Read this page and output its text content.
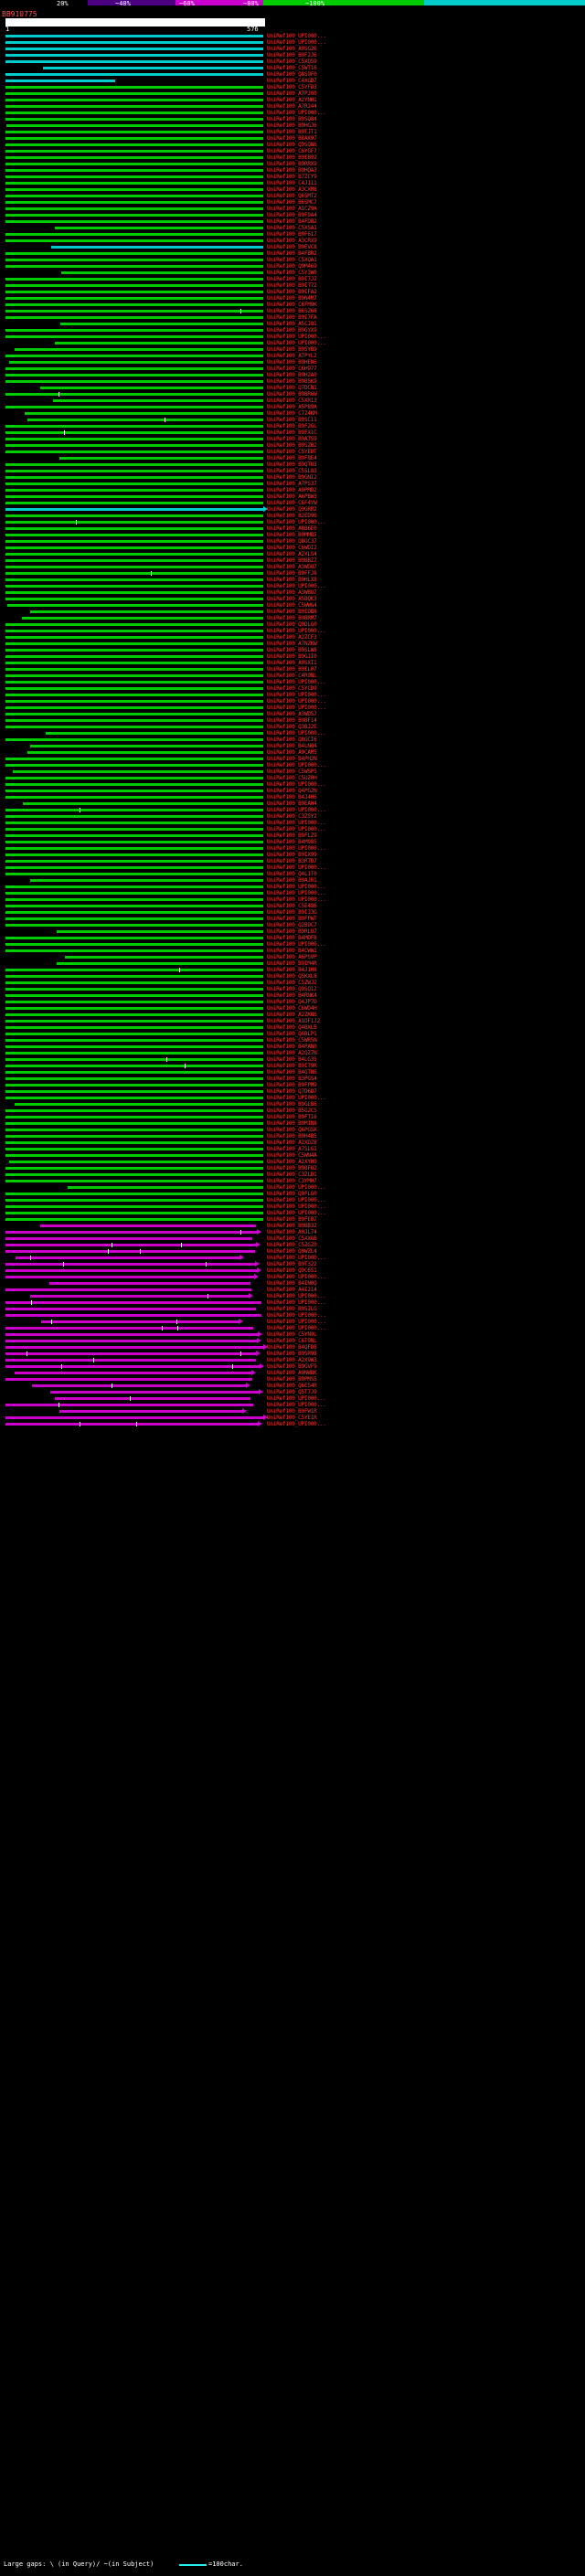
20%	~40%	~60%	~80%	~100%
BB910775
1	576
UniRef100_UPI000...
UniRef100_UPI000...
UniRef100_A9SG26
UniRef100_B9F2J6
UniRef100_C5XQ59
UniRef100_C5WT16
UniRef100_Q8S9F0
UniRef100_C4XGD7
UniRef100_C5YFD3
UniRef100_A7PJ00
UniRef100_A2YNH1
UniRef100_A7R244
UniRef100_UPI000...
UniRef100_B9SQ84
UniRef100_B9HGJ6
UniRef100_B9TJT1
UniRef100_B8AK97
UniRef100_Q9SQN6
UniRef100_C6YGF7
UniRef100_B9IB92
UniRef100_B9RRX9
UniRef100_B9HQA3
UniRef100_B7ZCY9
UniRef100_C4J111
UniRef100_A3CXM8
UniRef100_Q6SMT2
UniRef100_B6SMC7
UniRef100_A1CZ9A
UniRef100_B9F9A4
UniRef100_B4FDB2
UniRef100_C5XSA1
UniRef100_B9F617
UniRef100_A3CRX9
UniRef100_B9EVC8
UniRef100_B4FBR2
UniRef100_C5XQA1
UniRef100_Q9M469
UniRef100_C5Y3W0
UniRef100_B9I7J2
UniRef100_B9IT72
UniRef100_B9IFA2
UniRef100_B9N4M7
UniRef100_C6FM9K
UniRef100_B6SZ68
UniRef100_B9I7FA
UniRef100_A5CJ81
UniRef100_B9GYX9
UniRef100_UPI000...
UniRef100_UPI000...
UniRef100_B9SYB9
UniRef100_A7PYL2
UniRef100_B9HEN6
UniRef100_C6H977
UniRef100_B9H2A0
UniRef100_B9BSK9
UniRef100_Q7DCN1
UniRef100_B9BR6W
UniRef100_C5XR13
UniRef100_A5PB9A
UniRef100_C7Z4KM
UniRef100_B9SC11
UniRef100_B9F2GL
UniRef100_B9FX1C
UniRef100_B9AT59
UniRef100_B9SZB2
UniRef100_C5YEDT
UniRef100_B9F8E4
UniRef100_B9QTU3
UniRef100_C5SL83
UniRef100_B9GNI2
UniRef100_A7PS37
UniRef100_A9PMD2
UniRef100_A6PBW3
UniRef100_C6F4YW
UniRef100_Q9GRR2
UniRef100_B2ED96
UniRef100_UPI000...
UniRef100_A8B6E0
UniRef100_B9MMB5
UniRef100_Q8GC37
UniRef100_C6WDI2
UniRef100_A2XLS4
UniRef100_B9BBZ7
UniRef100_A3WDU7
UniRef100_B9FFJ8
UniRef100_B9HLX8
UniRef100_UPI000...
UniRef100_A3WBU7
UniRef100_A5BQK3
UniRef100_C5WWG4
UniRef100_B9IDB8
UniRef100_B9BRM7
UniRef100_Q0DLG0
UniRef100_UPI000...
UniRef100_A2ZCF3
UniRef100_A7NZKW
UniRef100_B9SLW8
UniRef100_B9GJI0
UniRef100_A9SXI1
UniRef100_B9IL07
UniRef100_C4R9NL
UniRef100_UPI000...
UniRef100_C5YCD9
UniRef100_UPI000...
UniRef100_UPI000...
UniRef100_UPI000...
UniRef100_A3WD57
UniRef100_B9BF14
UniRef100_Q3BJ2E
UniRef100_UPI000...
UniRef100_Q8GCI6
UniRef100_B4LNQ4
UniRef100_A9CAM5
UniRef100_B4PH2N
UniRef100_UPI000...
UniRef100_C5WSP5
UniRef100_C5UZ0H
UniRef100_UPI000...
UniRef100_Q4PG2N
UniRef100_B4J4H6
UniRef100_B9EAH4
UniRef100_UPI000...
UniRef100_C3ZSY2
UniRef100_UPI000...
UniRef100_UPI000...
UniRef100_B9FLZ9
UniRef100_B4M985
UniRef100_UPI000...
UniRef100_B9IX99
UniRef100_B3RTD7
UniRef100_UPI000...
UniRef100_Q4L1T0
UniRef100_B9AJR1
UniRef100_UPI000...
UniRef100_UPI000...
UniRef100_UPI000...
UniRef100_C5E486
UniRef100_B9IJ3G
UniRef100_B9FPWT
UniRef100_Q2B9C7
UniRef100_B9RLU7
UniRef100_B4MDF8
UniRef100_UPI000...
UniRef100_B4CWW1
UniRef100_A6PSVP
UniRef100_B9IM4R
UniRef100_B4J1H8
UniRef100_Q5KXL8
UniRef100_C5ZWJ2
UniRef100_Q9SQ12
UniRef100_B4RNK4
UniRef100_Q4JP7D
UniRef100_C6WD4H
UniRef100_A2ZKN6
UniRef100_A1DF1J2
UniRef100_Q4BXLB
UniRef100_Q6BLP1
UniRef100_C5WR5N
UniRef100_B4PAN0
UniRef100_A2QZ7N
UniRef100_B4LG3S
UniRef100_B9IT9R
UniRef100_B4GTN6
UniRef100_B3PGS4
UniRef100_B9FPM9
UniRef100_Q7D6D7
UniRef100_UPI000...
UniRef100_B9GLB6
UniRef100_B5G2CS
UniRef100_B9FT16
UniRef100_B9M1N8
UniRef100_Q6PG5X
UniRef100_B9H4B5
UniRef100_A2XDZ8
UniRef100_A7SLG1
UniRef100_C5WN4A
UniRef100_A2XYH0
UniRef100_B9BFU2
UniRef100_C3ZLD1
UniRef100_C3YMH7
UniRef100_UPI000...
UniRef100_Q9FLG0
UniRef100_UPI000...
UniRef100_UPI000...
UniRef100_UPI000...
UniRef100_B9FE87
UniRef100_B9BB32
UniRef100_A0JL74
UniRef100_C5XXGB
UniRef100_C5ZGZ0
UniRef100_Q0WZL4
UniRef100_UPI000...
UniRef100_B9T322
UniRef100_Q9C6S1
UniRef100_UPI000...
UniRef100_B4IN0Q
UniRef100_A4I214
UniRef100_UPI000...
UniRef100_UPI000...
UniRef100_B9SILG
UniRef100_UPI000...
UniRef100_UPI000...
UniRef100_UPI000...
UniRef100_C5YN9L
UniRef100_C6T9NL
UniRef100_B4QFD8
UniRef100_B9SR9B
UniRef100_A2X9W3
UniRef100_B9GVF9
UniRef100_A9NWBK
UniRef100_B9PMS5
UniRef100_Q6ES4R
UniRef100_Q5T7J9
UniRef100_UPI000...
UniRef100_UPI000...
UniRef100_B9FW1R
UniRef100_C5YE1R
UniRef100_UPI000...
Large gaps: \ (in Query)/ ~(in Subject)	=100char.
